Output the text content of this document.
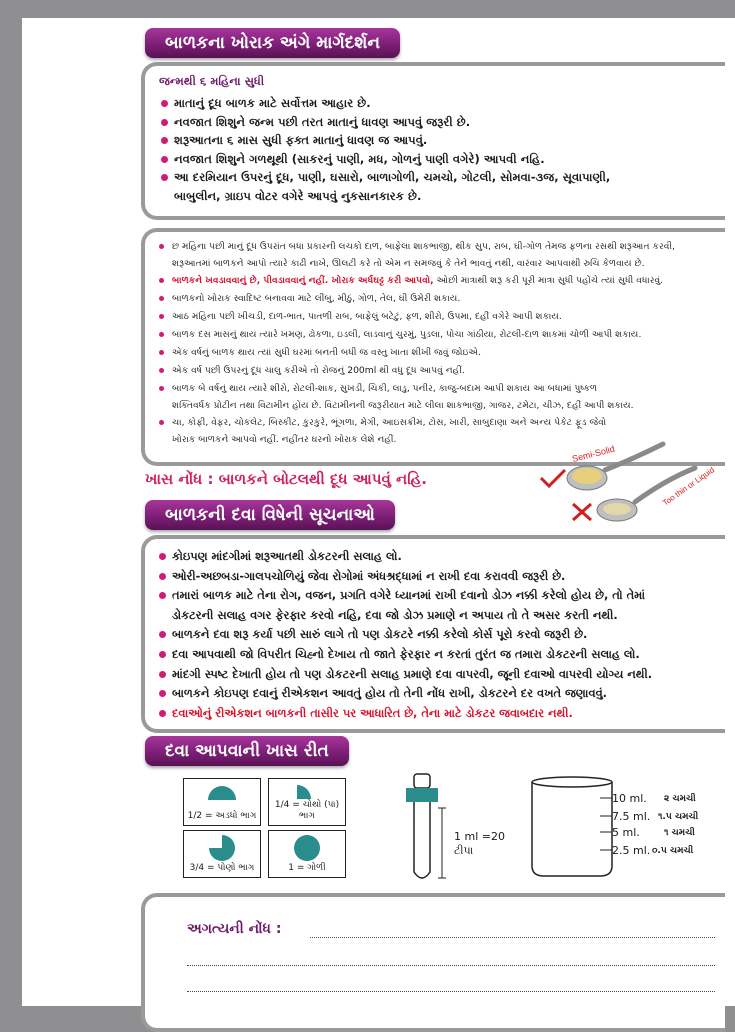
બાળકના ખોરાક અંગે માર્ગદર્શન
જન્મથી ૬ મહિના સુધી
માતાનું દૂધ બાળક માટે સર્વોત્તમ આહાર છે.
નવજાત શિશુને જન્મ પછી તરત માતાનું ધાવણ આપવું જરૂરી છે.
શરૂઆતના ૬ માસ સુધી ફક્ત માતાનું ધાવણ જ આપવું.
નવજાત શિશુને ગળથૂથી (સાકરનું પાણી, મધ, ગોળનું પાણી વગેરે) આપવી નહિ.
આ દરમિયાન ઉપરનું દૂધ, પાણી, ઘસારો, બાળાગોળી, ચમચો, ગોટલી, સોમવા-૩જ, સૂવાપાણી,
બાબુલીન, ગ્રાઇપ વોટર વગેરે આપવું નુકસાનકારક છે.
છ મહિના પછી માનું દૂધ ઉપરાંત બધા પ્રકારની લચકો દાળ, બાફેલા શાકભાજી, થીક સુપ, રાબ, ઘી-ગોળ તેમજ ફળના રસથી શરૂઆત કરવી,
શરૂઆતમાં બાળકને આપો ત્યારે કાઢી નાખે, ઊલટી કરે તો એમ ન સમજવું કે તેને ભાવતું નથી, વારંવાર આપવાથી રુચિ કેળવાય છે.
બાળકને ખવડાવવાનું છે, પીવડાવવાનું નહીં. ખોરાક અર્ધઘટ્ટ કરી આપવો, ઓછી માત્રાથી શરૂ કરી પૂરી માત્રા સુધી પહોંચે ત્યાં સુધી વધારવું.
બાળકનો ખોરાક સ્વાદિષ્ટ બનાવવા માટે લીંબુ, મીઠું, ગોળ, તેલ, ઘી ઉમેરી શકાય.
આઠ મહિના પછી ખીચડી, દાળ-ભાત, પાતળી રાબ, બાફેલું બટેટું, ફળ, શીરો, ઉપમા, દહીં વગેરે આપી શકાય.
બાળક દસ માસનું થાય ત્યારે ખમણ, ઢોકળા, ઇડલી, લાડવાનું ચુરમું, પુડલા, પોચા ગાંઠીયા, રોટલી-દાળ શાકમાં ચોળી આપી શકાય.
એક વર્ષનું બાળક થાય ત્યાં સુધી ઘરમાં બનતી બધી જ વસ્તુ ખાતા શીખી જવું જોઇએ.
એક વર્ષ પછી ઉપરનું દૂધ ચાલુ કરીએ તો રોજનું 200ml થી વધુ દૂધ આપવું નહીં.
બાળક બે વર્ષનું થાય ત્યારે શીરો, રોટલી-શાક, સુખડી, ચિકી, લાડુ, પનીર, કાજુ-બદામ આપી શકાય આ બધામાં પુષ્કળ
શક્તિવર્ધક પ્રોટીન તથા વિટામીન હોય છે. વિટામીનની જરૂરીયાત માટે લીલા શાકભાજી, ગાજર, ટમેટા, ચીઝ, દહીં આપી શકાય.
ચા, કોફી, વેફર, ચોકલેટ, બિસ્કીટ, કુરકુરે, ભૂંગળા, મેગી, આઇસક્રીમ, ટોસ, ખારી, સાબુદાણા અને અન્ય પેકેટ ફૂડ જેવો
ખોરાક બાળકને આપવો નહીં. નહીંતર ઘરનો ખોરાક લેશે નહીં.
ખાસ નોંધ : બાળકને બોટલથી દૂધ આપવું નહિ.
Semi-Solid
Too thin or Liquid
બાળકની દવા વિષેની સૂચનાઓ
કોઇપણ માંદગીમાં શરૂઆતથી ડોકટરની સલાહ લો.
ઓરી-અછબડા-ગાલપચોળિયું જેવા રોગોમાં અંધશ્રદ્ધામાં ન રાખી દવા કરાવવી જરૂરી છે.
તમારાં બાળક માટે તેના રોગ, વજન, પ્રગતિ વગેરે ધ્યાનમાં રાખી દવાનો ડોઝ નક્કી કરેલો હોય છે, તો તેમાં
ડોકટરની સલાહ વગર ફેરફાર કરવો નહિ, દવા જો ડોઝ પ્રમાણે ન અપાય તો તે અસર કરતી નથી.
બાળકને દવા શરૂ કર્યા પછી સારું લાગે તો પણ ડોકટરે નક્કી કરેલો કોર્સ પૂરો કરવો જરૂરી છે.
દવા આપવાથી જો વિપરીત ચિહ્નો દેખાય તો જાતે ફેરફાર ન કરતાં તુરંત જ તમારા ડોકટરની સલાહ લો.
માંદગી સ્પષ્ટ દેખાતી હોય તો પણ ડોકટરની સલાહ પ્રમાણે દવા વાપરવી, જૂની દવાઓ વાપરવી યોગ્ય નથી.
બાળકને કોઇપણ દવાનું રીએકશન આવતું હોય તો તેની નોંધ રાખી, ડોકટરને દર વખતે જણાવવું.
દવાઓનું રીએકશન બાળકની તાસીર પર આધારિત છે, તેના માટે ડોકટર જવાબદાર નથી.
દવા આપવાની ખાસ રીત
1/2 = અડધો ભાગ
1/4 = ચોથો (પા) ભાગ
3/4 = પોણો ભાગ	1 = ગોળી
1 ml =20
ટીપા
10 ml.
7.5 ml.
5 ml.
2.5 ml.
૨ ચમચી
૧.૫ ચમચી
૧ ચમચી
૦.૫ ચમચી
અગત્યની નોંધ :
